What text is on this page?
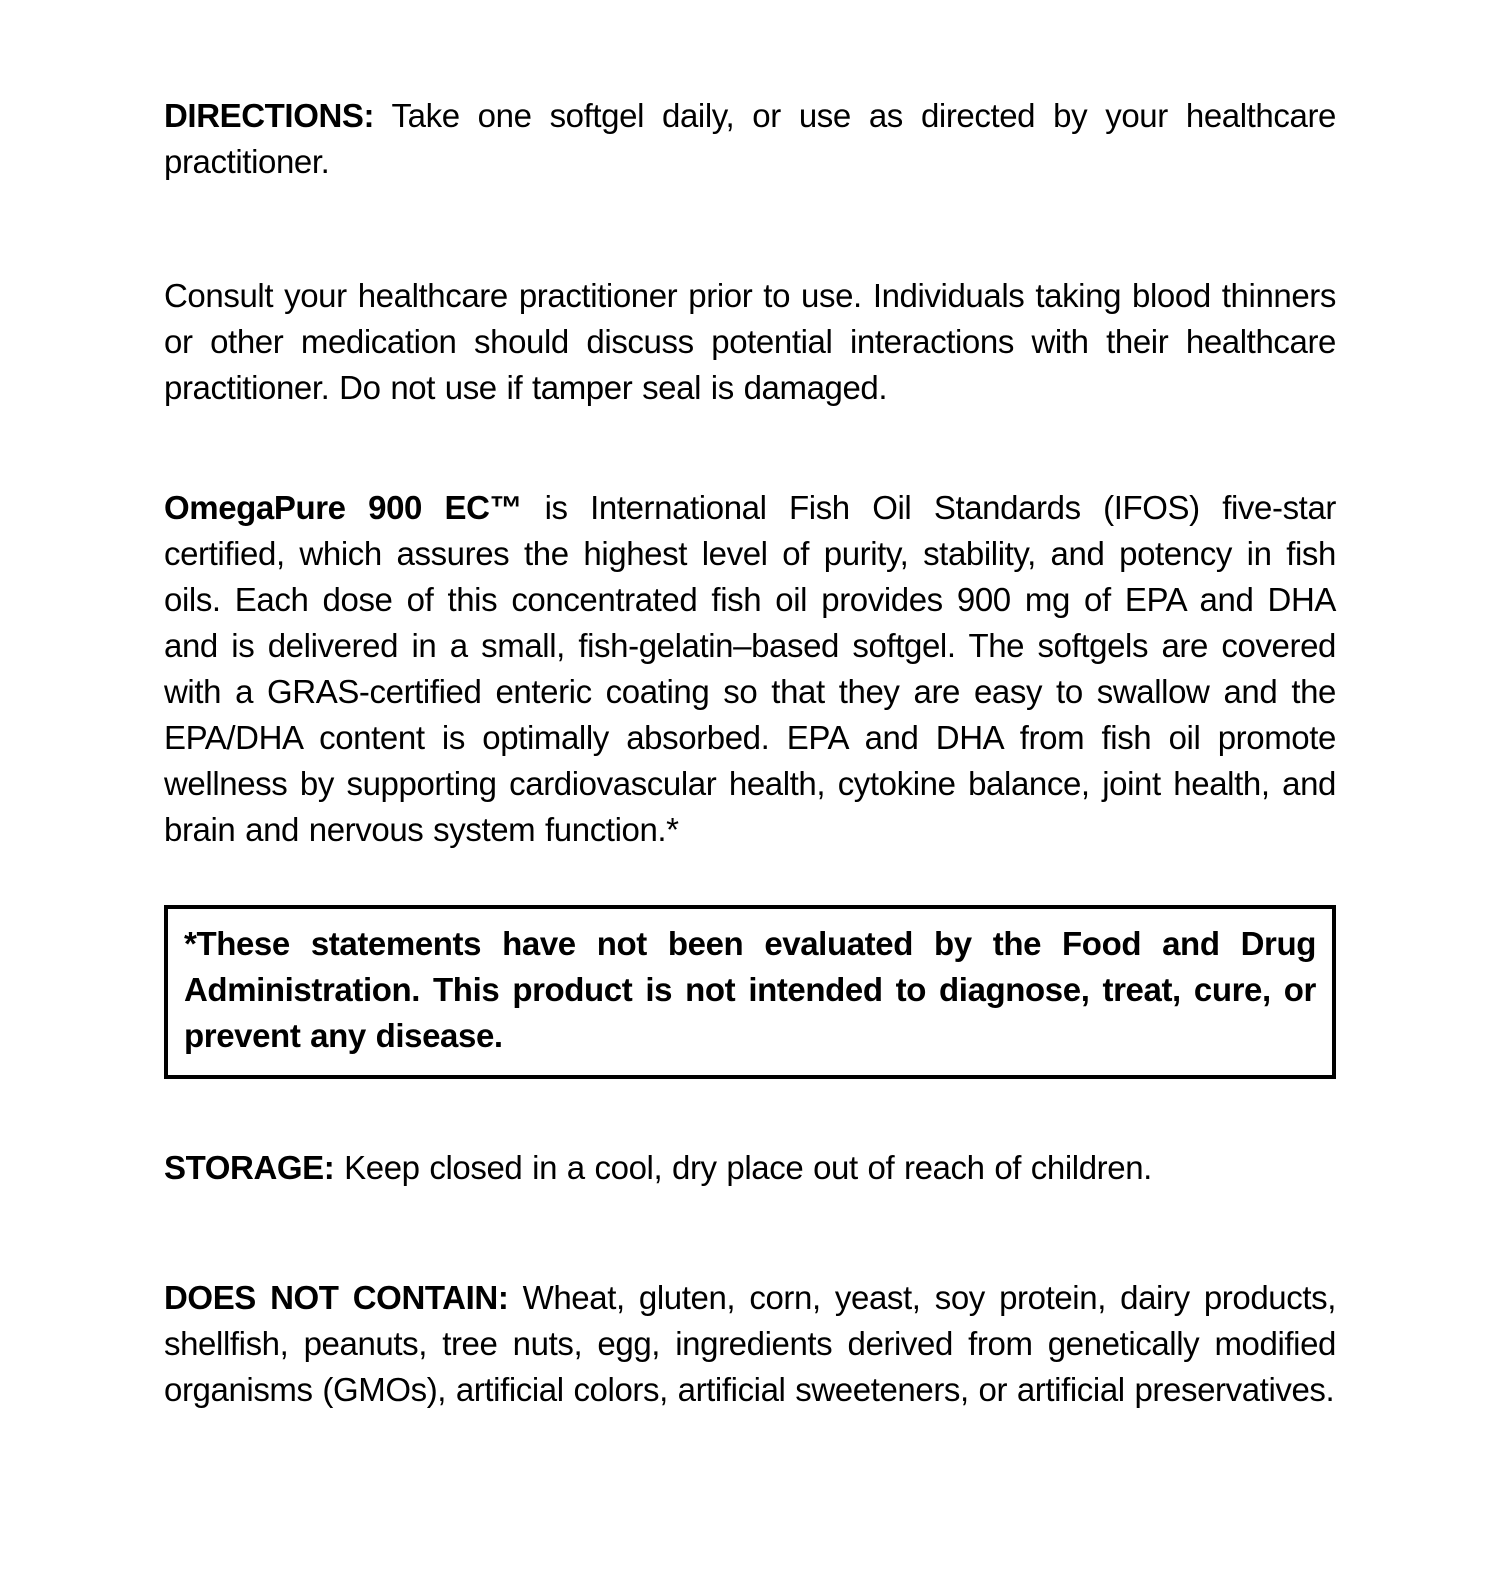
DIRECTIONS: Take one softgel daily, or use as directed by your healthcare practitioner.

Consult your healthcare practitioner prior to use. Individuals taking blood thinners or other medication should discuss potential interactions with their healthcare practitioner. Do not use if tamper seal is damaged.

OmegaPure 900 EC™ is International Fish Oil Standards (IFOS) five-star certified, which assures the highest level of purity, stability, and potency in fish oils. Each dose of this concentrated fish oil provides 900 mg of EPA and DHA and is delivered in a small, fish-gelatin–based softgel. The softgels are covered with a GRAS-certified enteric coating so that they are easy to swallow and the EPA/DHA content is optimally absorbed. EPA and DHA from fish oil promote wellness by supporting cardiovascular health, cytokine balance, joint health, and brain and nervous system function.*

*These statements have not been evaluated by the Food and Drug Administration. This product is not intended to diagnose, treat, cure, or prevent any disease.

STORAGE: Keep closed in a cool, dry place out of reach of children.

DOES NOT CONTAIN: Wheat, gluten, corn, yeast, soy protein, dairy products, shellfish, peanuts, tree nuts, egg, ingredients derived from genetically modified organisms (GMOs), artificial colors, artificial sweeteners, or artificial preservatives.
